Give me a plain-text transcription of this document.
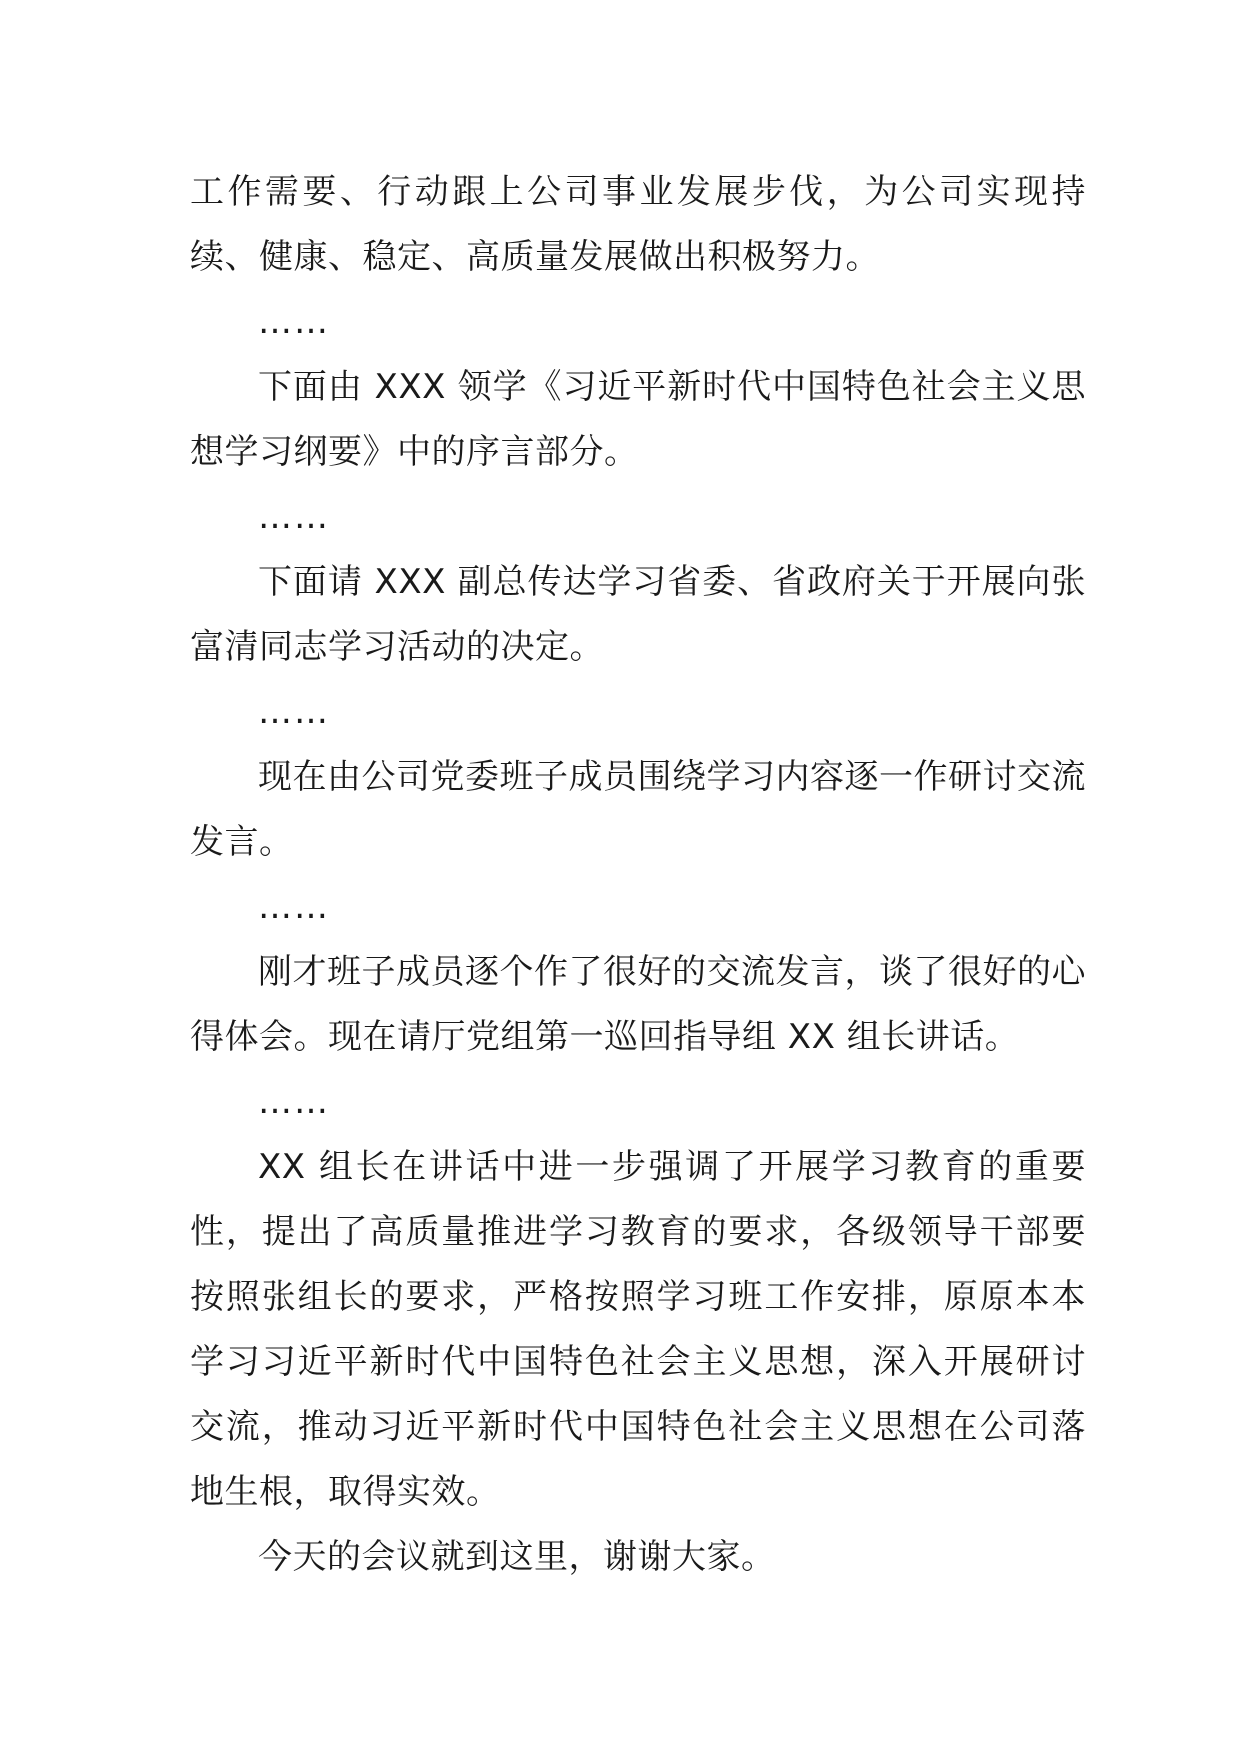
工作需要、行动跟上公司事业发展步伐，为公司实现持续、健康、稳定、高质量发展做出积极努力。

……

下面由 XXX 领学《习近平新时代中国特色社会主义思想学习纲要》中的序言部分。

……

下面请 XXX 副总传达学习省委、省政府关于开展向张富清同志学习活动的决定。

……

现在由公司党委班子成员围绕学习内容逐一作研讨交流发言。

……

刚才班子成员逐个作了很好的交流发言，谈了很好的心得体会。现在请厅党组第一巡回指导组 XX 组长讲话。

……

XX 组长在讲话中进一步强调了开展学习教育的重要性，提出了高质量推进学习教育的要求，各级领导干部要按照张组长的要求，严格按照学习班工作安排，原原本本学习习近平新时代中国特色社会主义思想，深入开展研讨交流，推动习近平新时代中国特色社会主义思想在公司落地生根，取得实效。

今天的会议就到这里，谢谢大家。
